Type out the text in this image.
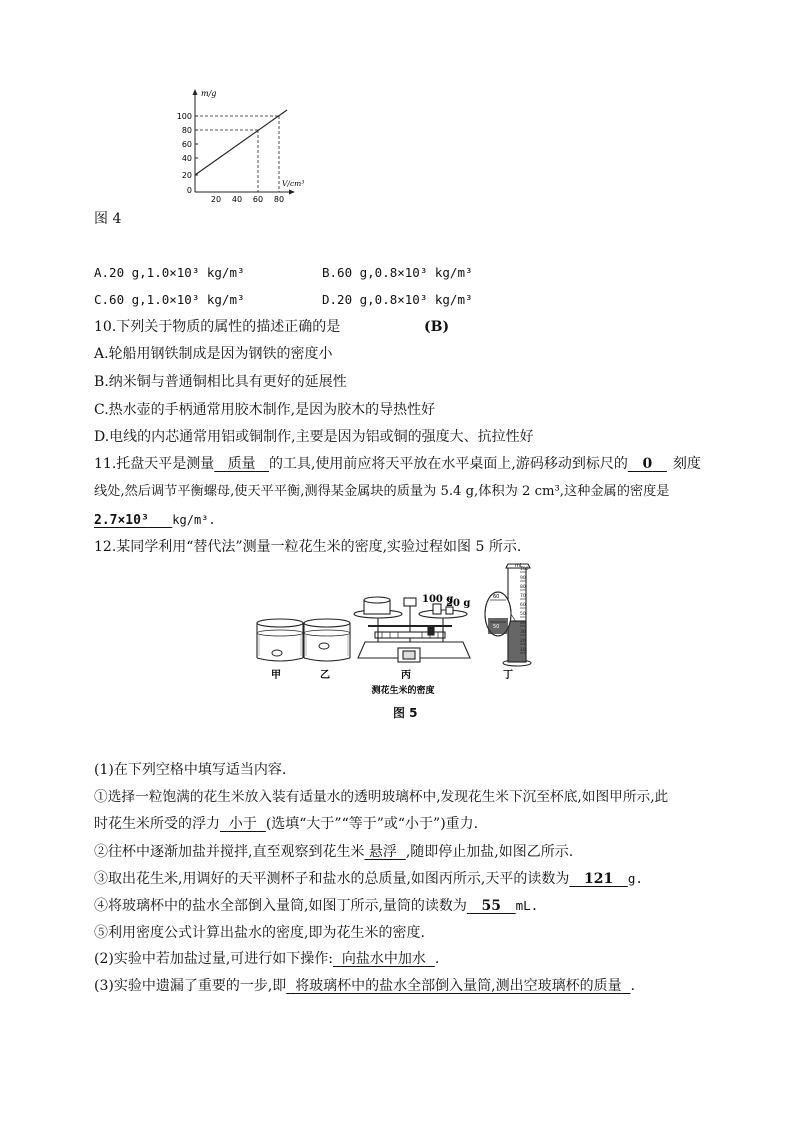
m/g
V/cm³
100
80
60
40
20
0
20 40 60 80
图 4
A.20 g,1.0×10³ kg/m³	B.60 g,0.8×10³ kg/m³
C.60 g,1.0×10³ kg/m³	D.20 g,0.8×10³ kg/m³
10.下列关于物质的属性的描述正确的是	(B)
A.轮船用钢铁制成是因为钢铁的密度小
B.纳米铜与普通铜相比具有更好的延展性
C.热水壶的手柄通常用胶木制作,是因为胶木的导热性好
D.电线的内芯通常用铝或铜制作,主要是因为铝或铜的强度大、抗拉性好
11.托盘天平是测量 质量 的工具,使用前应将天平放在水平桌面上,游码移动到标尺的 0 刻度
线处,然后调节平衡螺母,使天平平衡,测得某金属块的质量为 5.4 g,体积为 2 cm³,这种金属的密度是
2.7×10³ kg/m³.
12.某同学利用“替代法”测量一粒花生米的密度,实验过程如图 5 所示.
100 g
20 g
100
90
80
70
60
50
40
30
20
10
mL
60
50
甲	乙	丙	丁
测花生米的密度
图 5
(1)在下列空格中填写适当内容.
①选择一粒饱满的花生米放入装有适量水的透明玻璃杯中,发现花生米下沉至杯底,如图甲所示,此
时花生米所受的浮力 小于 (选填“大于”“等于”或“小于”)重力.
②往杯中逐渐加盐并搅拌,直至观察到花生米 悬浮 ,随即停止加盐,如图乙所示.
③取出花生米,用调好的天平测杯子和盐水的总质量,如图丙所示,天平的读数为 121 g.
④将玻璃杯中的盐水全部倒入量筒,如图丁所示,量筒的读数为 55 mL.
⑤利用密度公式计算出盐水的密度,即为花生米的密度.
(2)实验中若加盐过量,可进行如下操作: 向盐水中加水 .
(3)实验中遗漏了重要的一步,即 将玻璃杯中的盐水全部倒入量筒,测出空玻璃杯的质量 .
